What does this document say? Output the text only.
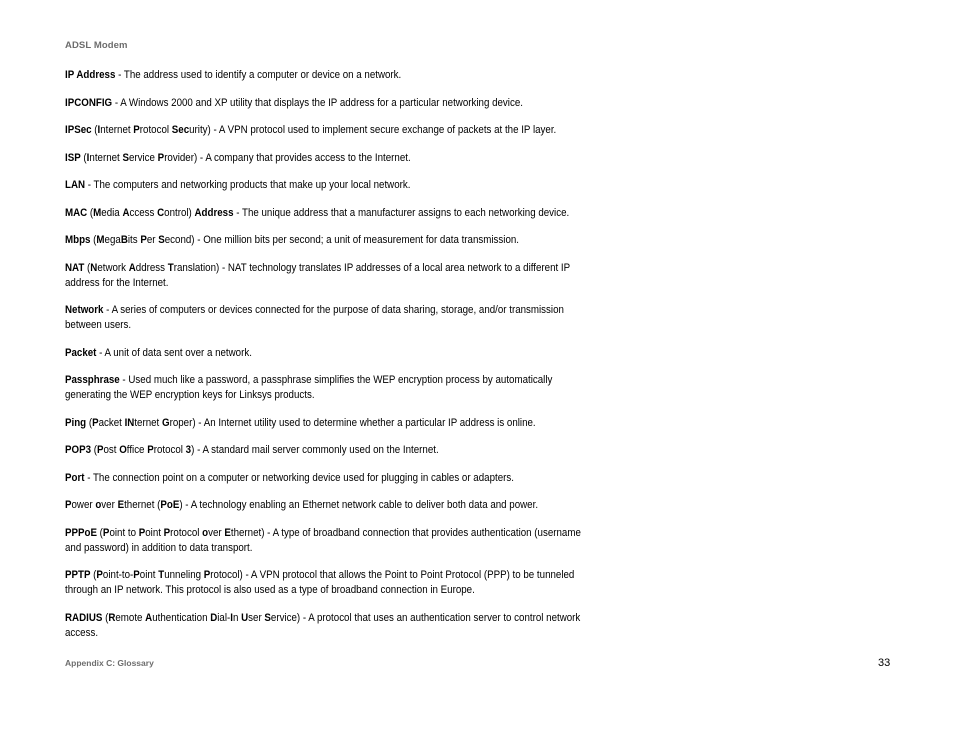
ADSL Modem

IP Address - The address used to identify a computer or device on a network.

IPCONFIG - A Windows 2000 and XP utility that displays the IP address for a particular networking device.

IPSec (Internet Protocol Security) - A VPN protocol used to implement secure exchange of packets at the IP layer.

ISP (Internet Service Provider) - A company that provides access to the Internet.

LAN - The computers and networking products that make up your local network.

MAC (Media Access Control) Address - The unique address that a manufacturer assigns to each networking device.

Mbps (MegaBits Per Second) - One million bits per second; a unit of measurement for data transmission.

NAT (Network Address Translation) - NAT technology translates IP addresses of a local area network to a different IP address for the Internet.

Network - A series of computers or devices connected for the purpose of data sharing, storage, and/or transmission between users.

Packet - A unit of data sent over a network.

Passphrase - Used much like a password, a passphrase simplifies the WEP encryption process by automatically generating the WEP encryption keys for Linksys products.

Ping (Packet INternet Groper) - An Internet utility used to determine whether a particular IP address is online.

POP3 (Post Office Protocol 3) - A standard mail server commonly used on the Internet.

Port - The connection point on a computer or networking device used for plugging in cables or adapters.

Power over Ethernet (PoE) - A technology enabling an Ethernet network cable to deliver both data and power.

PPPoE (Point to Point Protocol over Ethernet) - A type of broadband connection that provides authentication (username and password) in addition to data transport.

PPTP (Point-to-Point Tunneling Protocol) - A VPN protocol that allows the Point to Point Protocol (PPP) to be tunneled through an IP network. This protocol is also used as a type of broadband connection in Europe.

RADIUS (Remote Authentication Dial-In User Service) - A protocol that uses an authentication server to control network access.

Appendix C: Glossary	33
